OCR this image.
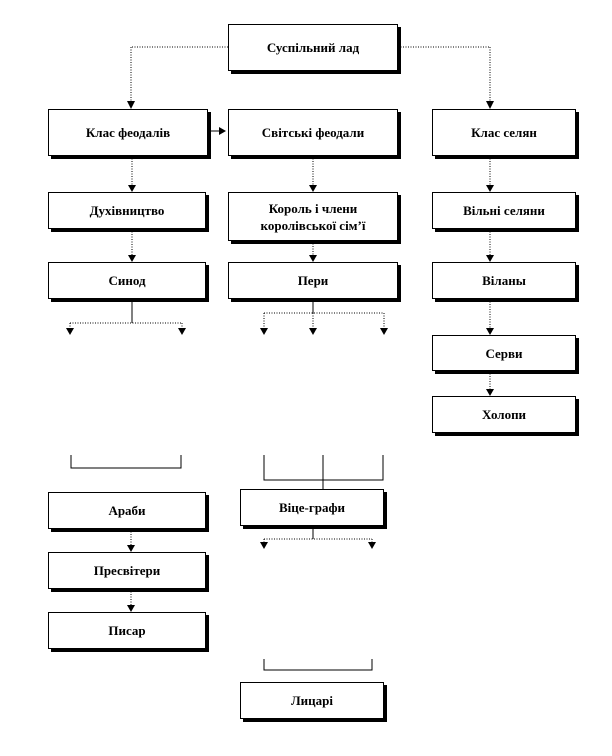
Суспільний лад
Клас феодалів	Світські феодали	Клас селян
Духівництво	Король і члени
королівської сім’ї
Вільні селяни
Синод	Пери	Віланы
Серви
Холопи
Араби	Віце-графи
Пресвітери
Писар
Лицарі
